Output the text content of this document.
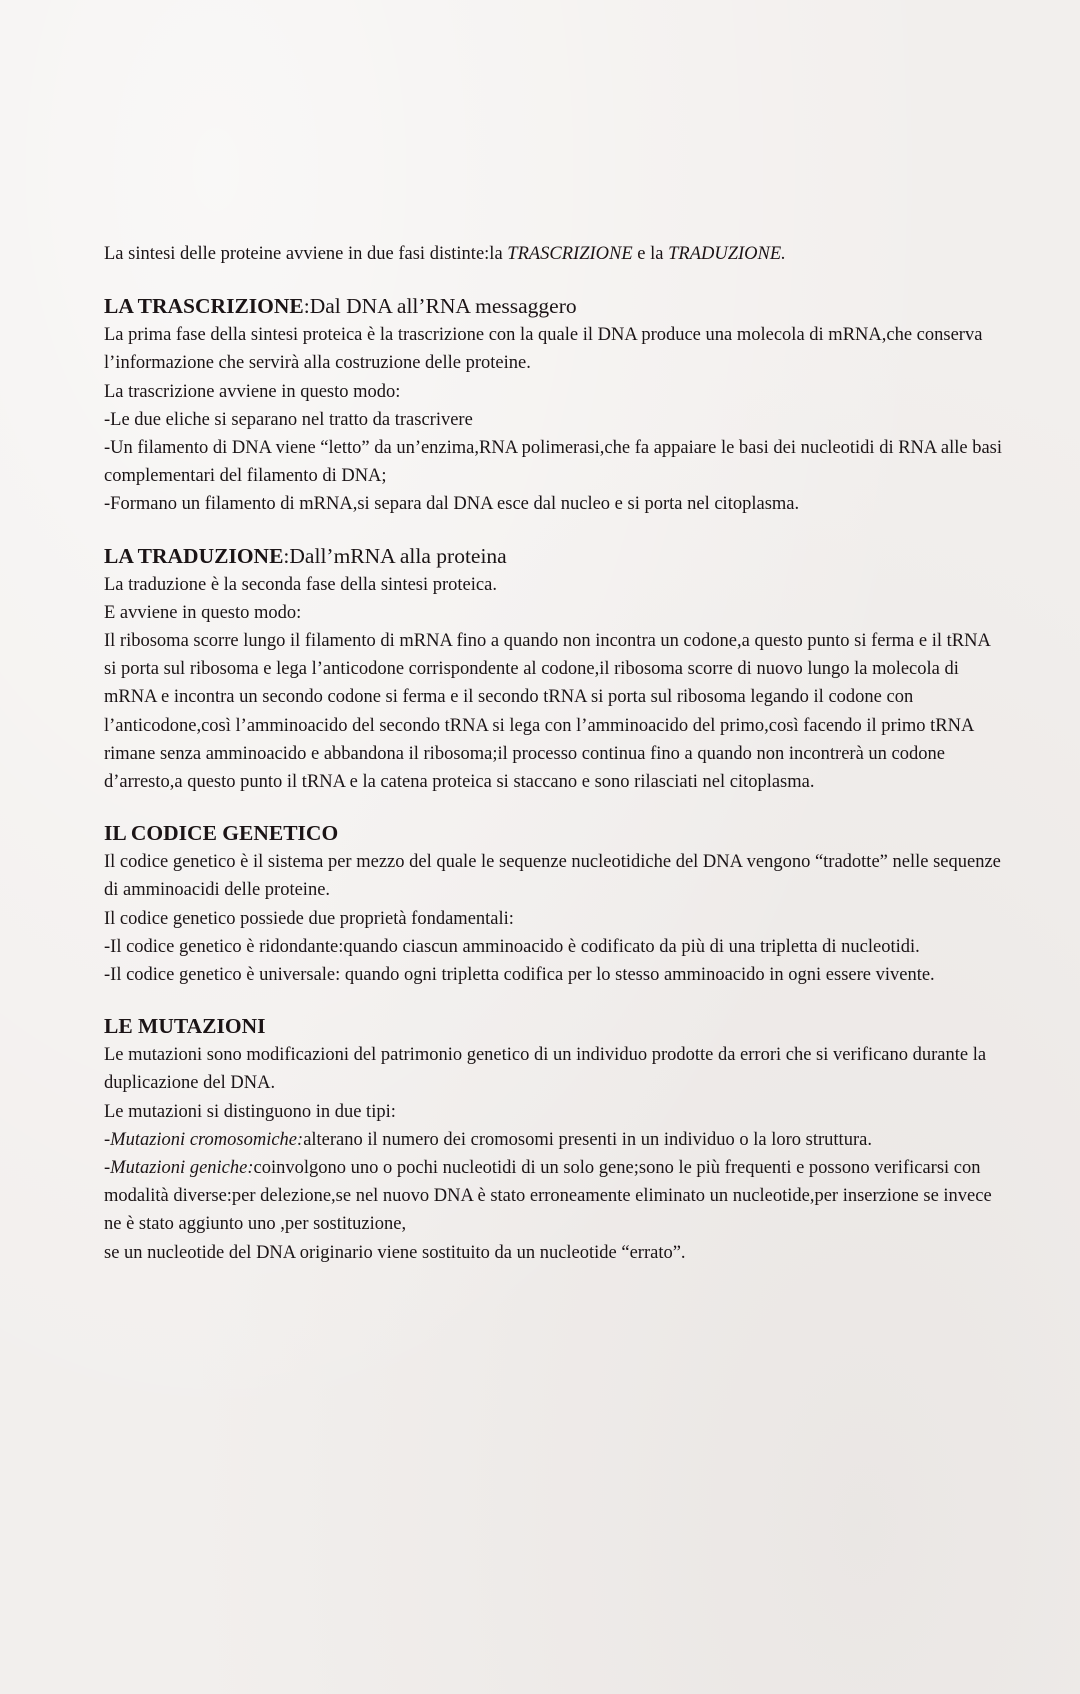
La sintesi delle proteine avviene in due fasi distinte:la TRASCRIZIONE e la TRADUZIONE.

LA TRASCRIZIONE:Dal DNA all’RNA messaggero

La prima fase della sintesi proteica è la trascrizione con la quale il DNA produce una molecola di mRNA,che conserva l’informazione che servirà alla costruzione delle proteine.

La trascrizione avviene in questo modo:

-Le due eliche si separano nel tratto da trascrivere

-Un filamento di DNA viene “letto” da un’enzima,RNA polimerasi,che fa appaiare le basi dei nucleotidi di RNA alle basi complementari del filamento di DNA;

-Formano un filamento di mRNA,si separa dal DNA esce dal nucleo e si porta nel citoplasma.

LA TRADUZIONE:Dall’mRNA alla proteina

La traduzione è la seconda fase della sintesi proteica.

E avviene in questo modo:

Il ribosoma scorre lungo il filamento di mRNA fino a quando non incontra un codone,a questo punto si ferma e il tRNA si porta sul ribosoma e lega l’anticodone corrispondente al codone,il ribosoma scorre di nuovo lungo la molecola di mRNA e incontra un secondo codone si ferma e il secondo tRNA si porta sul ribosoma legando il codone con l’anticodone,così l’amminoacido del secondo tRNA si lega con l’amminoacido del primo,così facendo il primo tRNA rimane senza amminoacido e abbandona il ribosoma;il processo continua fino a quando non incontrerà un codone d’arresto,a questo punto il tRNA e la catena proteica si staccano e sono rilasciati nel citoplasma.

IL CODICE GENETICO

Il codice genetico è il sistema per mezzo del quale le sequenze nucleotidiche del DNA vengono “tradotte” nelle sequenze di amminoacidi delle proteine.

Il codice genetico possiede due proprietà fondamentali:

-Il codice genetico è ridondante:quando ciascun amminoacido è codificato da più di una tripletta di nucleotidi.

-Il codice genetico è universale: quando ogni tripletta codifica per lo stesso amminoacido in ogni essere vivente.

LE MUTAZIONI

Le mutazioni sono modificazioni del patrimonio genetico di un individuo prodotte da errori che si verificano durante la duplicazione del DNA.

Le mutazioni si distinguono in due tipi:

-Mutazioni cromosomiche:alterano il numero dei cromosomi presenti in un individuo o la loro struttura.

-Mutazioni geniche:coinvolgono uno o pochi nucleotidi di un solo gene;sono le più frequenti e possono verificarsi con modalità diverse:per delezione,se nel nuovo DNA è stato erroneamente eliminato un nucleotide,per inserzione se invece ne è stato aggiunto uno ,per sostituzione,

se un nucleotide del DNA originario viene sostituito da un nucleotide “errato”.
